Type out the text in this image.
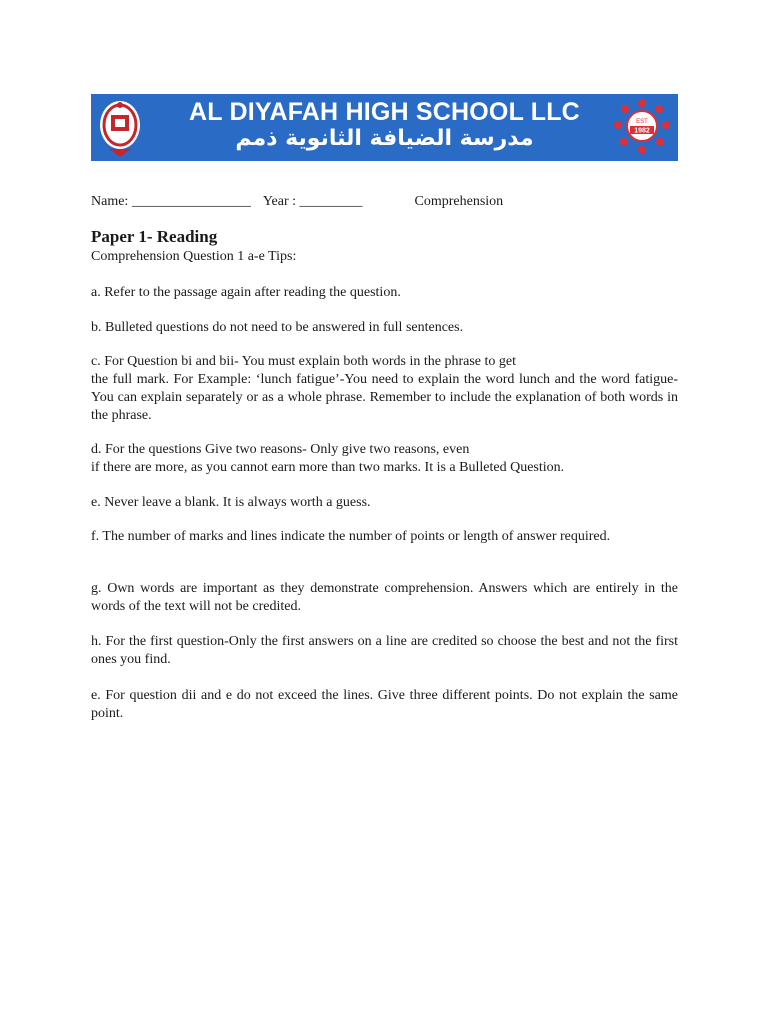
AL DIYAFAH HIGH SCHOOL LLC
مدرسة الضيافة الثانوية ذمم
EST
1982
Name: _________________ Year : _________	Comprehension
Paper 1- Reading
Comprehension Question 1 a-e Tips:

a. Refer to the passage again after reading the question.

b. Bulleted questions do not need to be answered in full sentences.

c. For Question bi and bii- You must explain both words in the phrase to get
the full mark. For Example: ‘lunch fatigue’-You need to explain the word lunch and the word fatigue-You can explain separately or as a whole phrase. Remember to include the explanation of both words in the phrase.
d. For the questions Give two reasons- Only give two reasons, even
if there are more, as you cannot earn more than two marks. It is a Bulleted Question.

e. Never leave a blank. It is always worth a guess.

f. The number of marks and lines indicate the number of points or length of answer required.

g. Own words are important as they demonstrate comprehension. Answers which are entirely in the words of the text will not be credited.

h. For the first question-Only the first answers on a line are credited so choose the best and not the first ones you find.

e. For question dii and e do not exceed the lines. Give three different points. Do not explain the same point.
